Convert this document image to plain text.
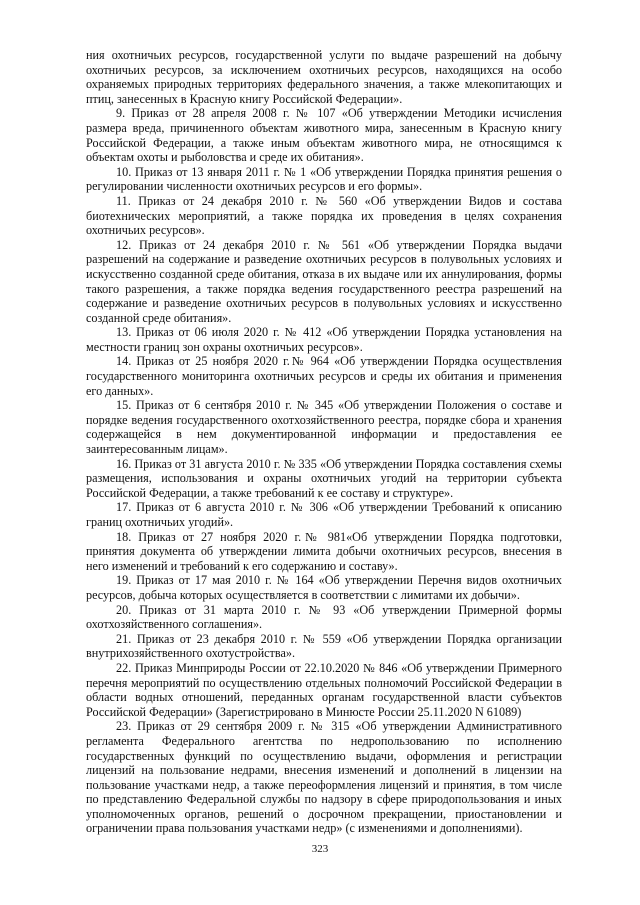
ния охотничьих ресурсов, государственной услуги по выдаче разрешений на добычу охотничьих ресурсов, за исключением охотничьих ресурсов, находящихся на особо охраняемых природных территориях федерального значения, а также млекопитающих и птиц, занесенных в Красную книгу Российской Федерации».

9. Приказ от 28 апреля 2008 г. № 107 «Об утверждении Методики исчисления размера вреда, причиненного объектам животного мира, занесенным в Красную книгу Российской Федерации, а также иным объектам животного мира, не относящимся к объектам охоты и рыболовства и среде их обитания».

10. Приказ от 13 января 2011 г. № 1 «Об утверждении Порядка принятия решения о регулировании численности охотничьих ресурсов и его формы».

11. Приказ от 24 декабря 2010 г. № 560 «Об утверждении Видов и состава биотехнических мероприятий, а также порядка их проведения в целях сохранения охотничьих ресурсов».

12. Приказ от 24 декабря 2010 г. № 561 «Об утверждении Порядка выдачи разрешений на содержание и разведение охотничьих ресурсов в полувольных условиях и искусственно созданной среде обитания, отказа в их выдаче или их аннулирования, формы такого разрешения, а также порядка ведения государственного реестра разрешений на содержание и разведение охотничьих ресурсов в полувольных условиях и искусственно созданной среде обитания».

13. Приказ от 06 июля 2020 г. № 412 «Об утверждении Порядка установления на местности границ зон охраны охотничьих ресурсов».

14. Приказ от 25 ноября 2020 г.№ 964 «Об утверждении Порядка осуществления государственного мониторинга охотничьих ресурсов и среды их обитания и применения его данных».

15. Приказ от 6 сентября 2010 г. № 345 «Об утверждении Положения о составе и порядке ведения государственного охотхозяйственного реестра, порядке сбора и хранения содержащейся в нем документированной информации и предоставления ее заинтересованным лицам».

16. Приказ от 31 августа 2010 г. № 335 «Об утверждении Порядка составления схемы размещения, использования и охраны охотничьих угодий на территории субъекта Российской Федерации, а также требований к ее составу и структуре».

17. Приказ от 6 августа 2010 г. № 306 «Об утверждении Требований к описанию границ охотничьих угодий».

18. Приказ от 27 ноября 2020 г.№ 981«Об утверждении Порядка подготовки, принятия документа об утверждении лимита добычи охотничьих ресурсов, внесения в него изменений и требований к его содержанию и составу».

19. Приказ от 17 мая 2010 г. № 164 «Об утверждении Перечня видов охотничьих ресурсов, добыча которых осуществляется в соответствии с лимитами их добычи».

20. Приказ от 31 марта 2010 г. № 93 «Об утверждении Примерной формы охотхозяйственного соглашения».

21. Приказ от 23 декабря 2010 г. № 559 «Об утверждении Порядка организации внутрихозяйственного охотустройства».

22. Приказ Минприроды России от 22.10.2020 № 846 «Об утверждении Примерного перечня мероприятий по осуществлению отдельных полномочий Российской Федерации в области водных отношений, переданных органам государственной власти субъектов Российской Федерации» (Зарегистрировано в Минюсте России 25.11.2020 N 61089)

23. Приказ от 29 сентября 2009 г. № 315 «Об утверждении Административного регламента Федерального агентства по недропользованию по исполнению государственных функций по осуществлению выдачи, оформления и регистрации лицензий на пользование недрами, внесения изменений и дополнений в лицензии на пользование участками недр, а также переоформления лицензий и принятия, в том числе по представлению Федеральной службы по надзору в сфере природопользования и иных уполномоченных органов, решений о досрочном прекращении, приостановлении и ограничении права пользования участками недр» (с изменениями и дополнениями).

323
